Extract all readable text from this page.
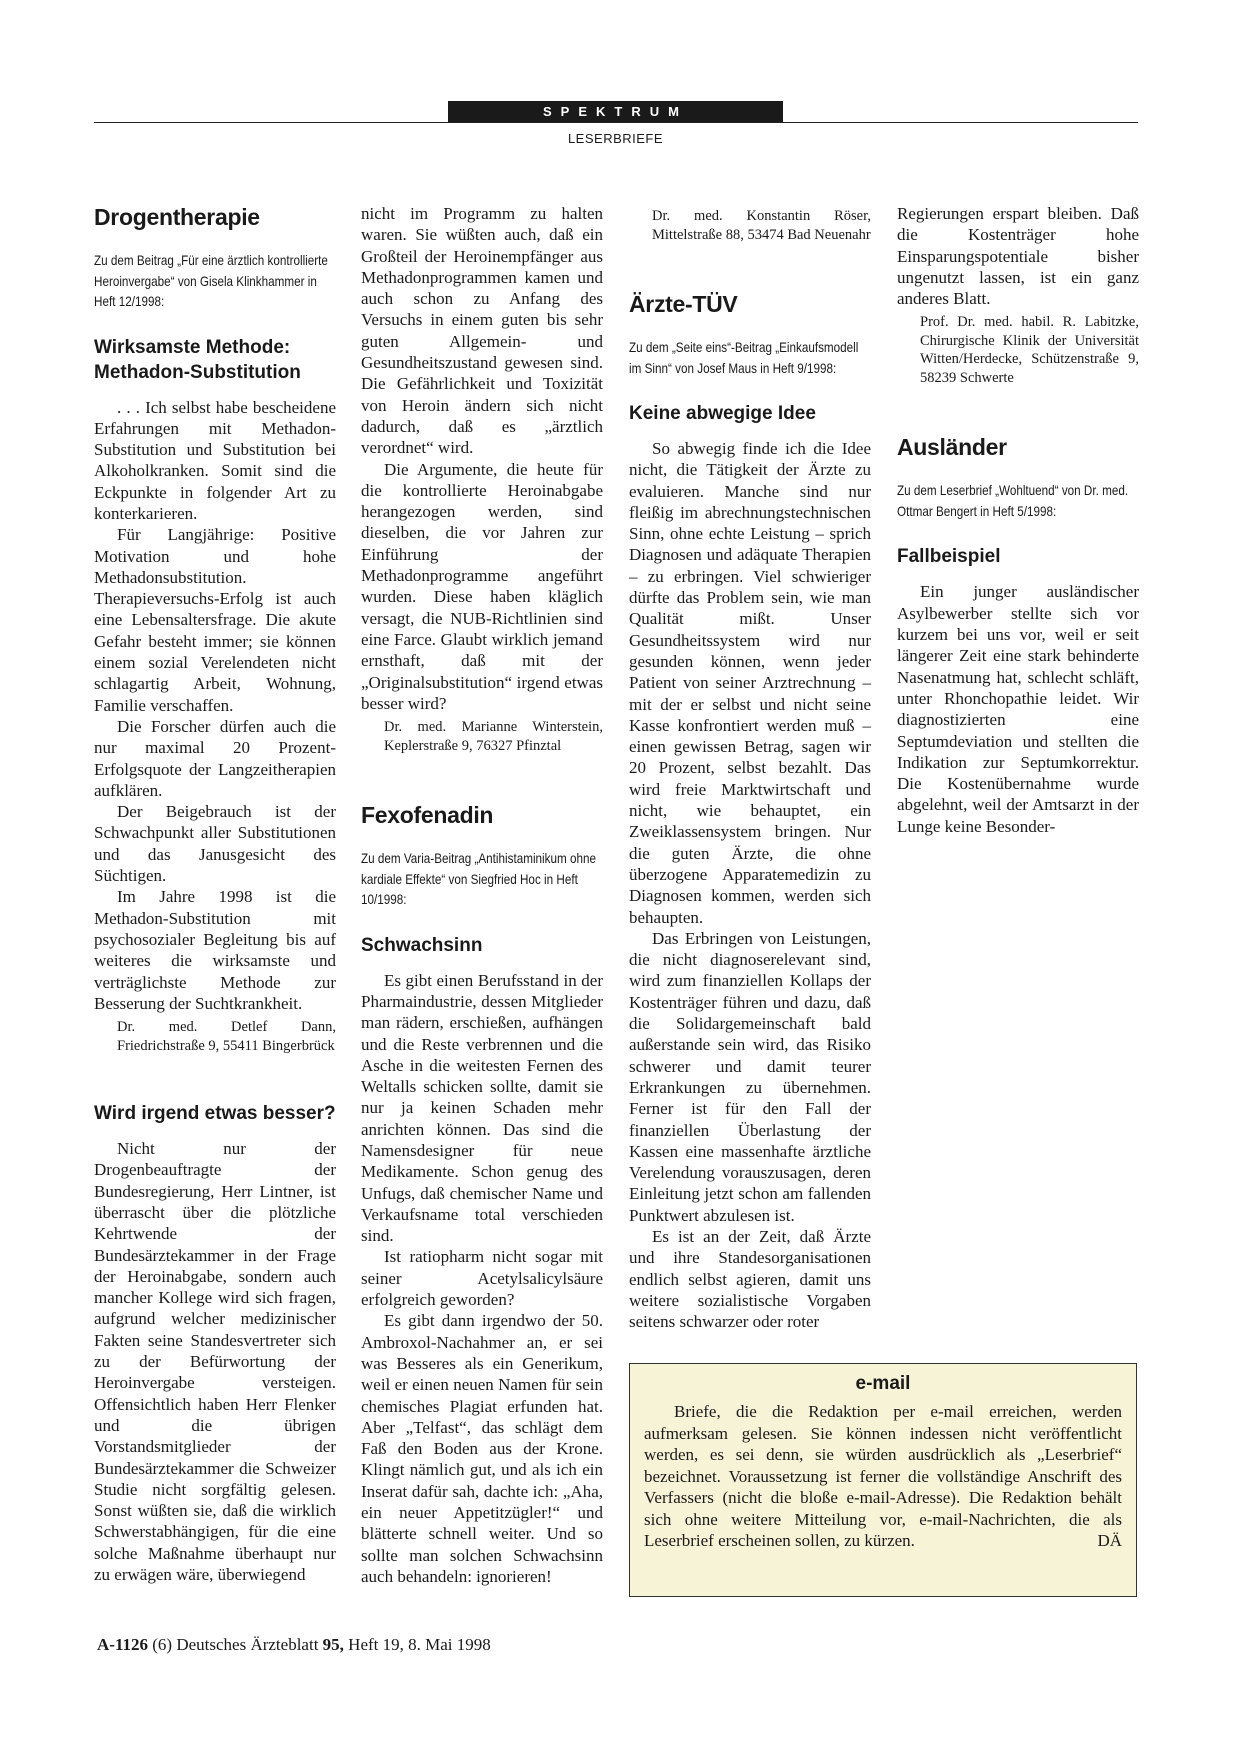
SPEKTRUM
LESERBRIEFE
Drogentherapie

Zu dem Beitrag „Für eine ärztlich kontrollierte Heroinvergabe“ von Gisela Klinkhammer in Heft 12/1998:

Wirksamste Methode: Methadon-Substitution

. . . Ich selbst habe bescheidene Erfahrungen mit Methadon-Substitution und Substitution bei Alkoholkranken. Somit sind die Eckpunkte in folgender Art zu konterkarieren.

Für Langjährige: Positive Motivation und hohe Methadonsubstitution. Therapieversuchs-Erfolg ist auch eine Lebensaltersfrage. Die akute Gefahr besteht immer; sie können einem sozial Verelendeten nicht schlagartig Arbeit, Wohnung, Familie verschaffen.

Die Forscher dürfen auch die nur maximal 20 Prozent-Erfolgsquote der Langzeitherapien aufklären.

Der Beigebrauch ist der Schwachpunkt aller Substitutionen und das Janusgesicht des Süchtigen.

Im Jahre 1998 ist die Methadon-Substitution mit psychosozialer Begleitung bis auf weiteres die wirksamste und verträglichste Methode zur Besserung der Suchtkrankheit.

Dr. med. Detlef Dann, Friedrichstraße 9, 55411 Bingerbrück

Wird irgend etwas besser?

Nicht nur der Drogenbeauftragte der Bundesregierung, Herr Lintner, ist überrascht über die plötzliche Kehrtwende der Bundesärztekammer in der Frage der Heroinabgabe, sondern auch mancher Kollege wird sich fragen, aufgrund welcher medizinischer Fakten seine Standesvertreter sich zu der Befürwortung der Heroinvergabe versteigen. Offensichtlich haben Herr Flenker und die übrigen Vorstandsmitglieder der Bundesärztekammer die Schweizer Studie nicht sorgfältig gelesen. Sonst wüßten sie, daß die wirklich Schwerstabhängigen, für die eine solche Maßnahme überhaupt nur zu erwägen wäre, überwiegend

nicht im Programm zu halten waren. Sie wüßten auch, daß ein Großteil der Heroinempfänger aus Methadonprogrammen kamen und auch schon zu Anfang des Versuchs in einem guten bis sehr guten Allgemein- und Gesundheitszustand gewesen sind. Die Gefährlichkeit und Toxizität von Heroin ändern sich nicht dadurch, daß es „ärztlich verordnet“ wird.

Die Argumente, die heute für die kontrollierte Heroinabgabe herangezogen werden, sind dieselben, die vor Jahren zur Einführung der Methadonprogramme angeführt wurden. Diese haben kläglich versagt, die NUB-Richtlinien sind eine Farce. Glaubt wirklich jemand ernsthaft, daß mit der „Originalsubstitution“ irgend etwas besser wird?

Dr. med. Marianne Winterstein, Keplerstraße 9, 76327 Pfinztal

Fexofenadin

Zu dem Varia-Beitrag „Antihistaminikum ohne kardiale Effekte“ von Siegfried Hoc in Heft 10/1998:

Schwachsinn

Es gibt einen Berufsstand in der Pharmaindustrie, dessen Mitglieder man rädern, erschießen, aufhängen und die Reste verbrennen und die Asche in die weitesten Fernen des Weltalls schicken sollte, damit sie nur ja keinen Schaden mehr anrichten können. Das sind die Namensdesigner für neue Medikamente. Schon genug des Unfugs, daß chemischer Name und Verkaufsname total verschieden sind.

Ist ratiopharm nicht sogar mit seiner Acetylsalicylsäure erfolgreich geworden?

Es gibt dann irgendwo der 50. Ambroxol-Nachahmer an, er sei was Besseres als ein Generikum, weil er einen neuen Namen für sein chemisches Plagiat erfunden hat. Aber „Telfast“, das schlägt dem Faß den Boden aus der Krone. Klingt nämlich gut, und als ich ein Inserat dafür sah, dachte ich: „Aha, ein neuer Appetitzügler!“ und blätterte schnell weiter. Und so sollte man solchen Schwachsinn auch behandeln: ignorieren!

Dr. med. Konstantin Röser, Mittelstraße 88, 53474 Bad Neuenahr

Ärzte-TÜV

Zu dem „Seite eins“-Beitrag „Einkaufsmodell im Sinn“ von Josef Maus in Heft 9/1998:

Keine abwegige Idee

So abwegig finde ich die Idee nicht, die Tätigkeit der Ärzte zu evaluieren. Manche sind nur fleißig im abrechnungstechnischen Sinn, ohne echte Leistung – sprich Diagnosen und adäquate Therapien – zu erbringen. Viel schwieriger dürfte das Problem sein, wie man Qualität mißt. Unser Gesundheitssystem wird nur gesunden können, wenn jeder Patient von seiner Arztrechnung – mit der er selbst und nicht seine Kasse konfrontiert werden muß – einen gewissen Betrag, sagen wir 20 Prozent, selbst bezahlt. Das wird freie Marktwirtschaft und nicht, wie behauptet, ein Zweiklassensystem bringen. Nur die guten Ärzte, die ohne überzogene Apparatemedizin zu Diagnosen kommen, werden sich behaupten.

Das Erbringen von Leistungen, die nicht diagnoserelevant sind, wird zum finanziellen Kollaps der Kostenträger führen und dazu, daß die Solidargemeinschaft bald außerstande sein wird, das Risiko schwerer und damit teurer Erkrankungen zu übernehmen. Ferner ist für den Fall der finanziellen Überlastung der Kassen eine massenhafte ärztliche Verelendung vorauszusagen, deren Einleitung jetzt schon am fallenden Punktwert abzulesen ist.

Es ist an der Zeit, daß Ärzte und ihre Standesorganisationen endlich selbst agieren, damit uns weitere sozialistische Vorgaben seitens schwarzer oder roter

Regierungen erspart bleiben. Daß die Kostenträger hohe Einsparungspotentiale bisher ungenutzt lassen, ist ein ganz anderes Blatt.

Prof. Dr. med. habil. R. Labitzke, Chirurgische Klinik der Universität Witten/Herdecke, Schützenstraße 9, 58239 Schwerte

Ausländer

Zu dem Leserbrief „Wohltuend“ von Dr. med. Ottmar Bengert in Heft 5/1998:

Fallbeispiel

Ein junger ausländischer Asylbewerber stellte sich vor kurzem bei uns vor, weil er seit längerer Zeit eine stark behinderte Nasenatmung hat, schlecht schläft, unter Rhonchopathie leidet. Wir diagnostizierten eine Septumdeviation und stellten die Indikation zur Septumkorrektur. Die Kostenübernahme wurde abgelehnt, weil der Amtsarzt in der Lunge keine Besonder-

e-mail

Briefe, die die Redaktion per e-mail erreichen, werden aufmerksam gelesen. Sie können indessen nicht veröffentlicht werden, es sei denn, sie würden ausdrücklich als „Leserbrief“ bezeichnet. Voraussetzung ist ferner die vollständige Anschrift des Verfassers (nicht die bloße e-mail-Adresse). Die Redaktion behält sich ohne weitere Mitteilung vor, e-mail-Nachrichten, die als Leserbrief erscheinen sollen, zu kürzen.	DÄ
A-1126 (6) Deutsches Ärzteblatt 95, Heft 19, 8. Mai 1998
